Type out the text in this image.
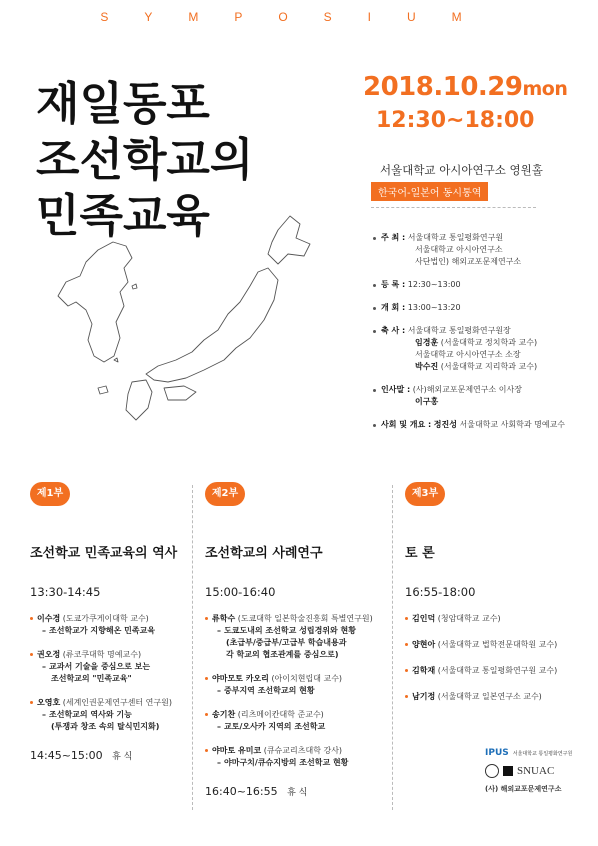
SYMPOSIUM
재일동포
조선학교의
민족교육
2018.10.29mon
12:30~18:00
서울대학교 아시아연구소 영원홀
한국어-일본어 동시통역
주 최 : 서울대학교 통일평화연구원
서울대학교 아시아연구소
사단법인) 해외교포문제연구소
등 록 : 12:30~13:00
개 회 : 13:00~13:20
축 사 : 서울대학교 통일평화연구원장
임경훈 (서울대학교 정치학과 교수)
서울대학교 아시아연구소 소장
박수진 (서울대학교 지리학과 교수)
인사말 : (사)해외교포문제연구소 이사장
이구홍
사회 및 개요 : 정진성 서울대학교 사회학과 명예교수
제1부
조선학교 민족교육의 역사
13:30-14:45
이수경 (도쿄가쿠게이대학 교수)
– 조선학교가 지향해온 민족교육
권오정 (류코쿠대학 명예교수)
– 교과서 기술을 중심으로 보는
조선학교의 "민족교육"
오영호 (세계인권문제연구센터 연구원)
– 조선학교의 역사와 기능
(투쟁과 창조 속의 탈식민지화)
14:45~15:00 휴 식
제2부
조선학교의 사례연구
15:00-16:40
류학수 (도쿄대학 일본학술진흥회 특별연구원)
– 도쿄도내의 조선학교 성립경위와 현황
(초급부/중급부/고급부 학습내용과
각 학교의 협조관계를 중심으로)
야마모토 카오리 (아이치현립대 교수)
– 중부지역 조선학교의 현황
송기찬 (리츠메이칸대학 준교수)
– 교토/오사카 지역의 조선학교
야마토 유미코 (큐슈교리츠대학 강사)
– 야마구치/큐슈지방의 조선학교 현황
16:40~16:55 휴 식
제3부
토 론
16:55-18:00
김인덕 (청암대학교 교수)
양현아 (서울대학교 법학전문대학원 교수)
김학재 (서울대학교 통일평화연구원 교수)
남기정 (서울대학교 일본연구소 교수)
IPUS 서울대학교 통일평화연구원
SNUAC
(사) 해외교포문제연구소
